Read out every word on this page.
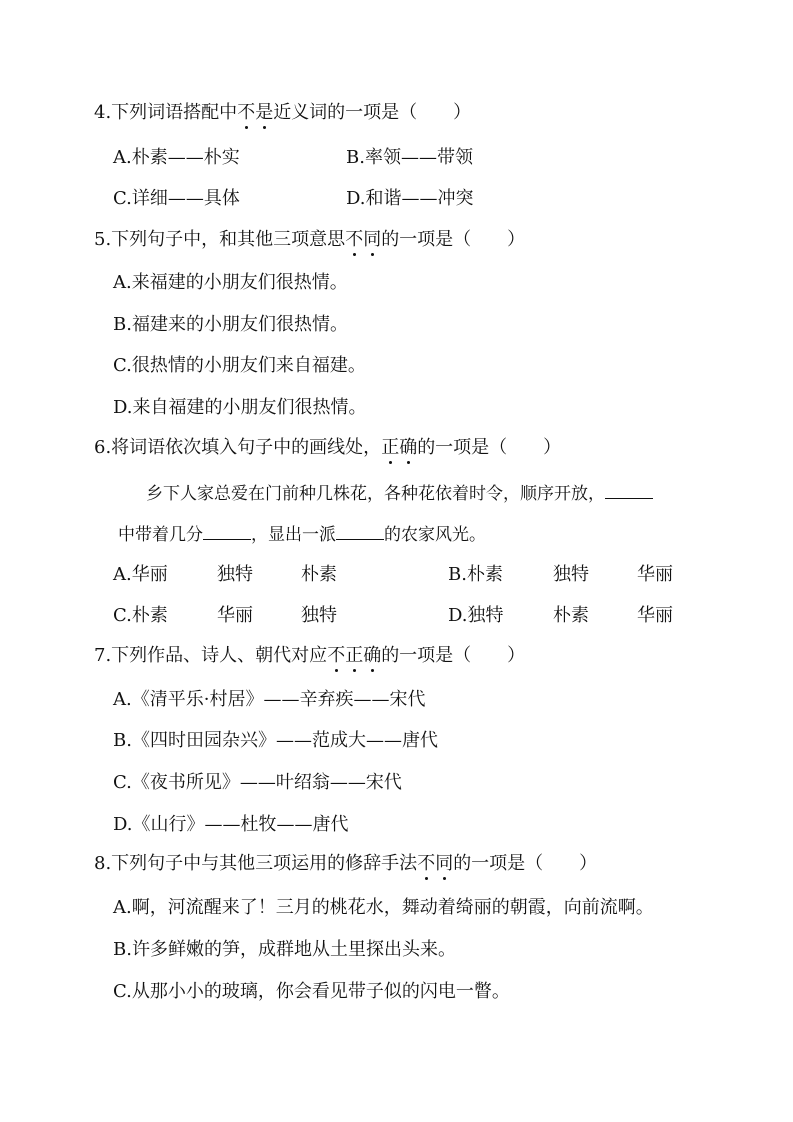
4.下列词语搭配中不是近义词的一项是（　　）
A.朴素——朴实	B.率领——带领
C.详细——具体	D.和谐——冲突
5.下列句子中，和其他三项意思不同的一项是（　　）
A.来福建的小朋友们很热情。
B.福建来的小朋友们很热情。
C.很热情的小朋友们来自福建。
D.来自福建的小朋友们很热情。
6.将词语依次填入句子中的画线处，正确的一项是（　　）
乡下人家总爱在门前种几株花，各种花依着时令，顺序开放，
中带着几分	，显出一派	的农家风光。
A.华丽	独特	朴素	B.朴素	独特	华丽
C.朴素	华丽	独特	D.独特	朴素	华丽
7.下列作品、诗人、朝代对应不正确的一项是（　　）
A.《清平乐·村居》——辛弃疾——宋代
B.《四时田园杂兴》——范成大——唐代
C.《夜书所见》——叶绍翁——宋代
D.《山行》——杜牧——唐代
8.下列句子中与其他三项运用的修辞手法不同的一项是（　　）
A.啊，河流醒来了！三月的桃花水，舞动着绮丽的朝霞，向前流啊。
B.许多鲜嫩的笋，成群地从土里探出头来。
C.从那小小的玻璃，你会看见带子似的闪电一瞥。
